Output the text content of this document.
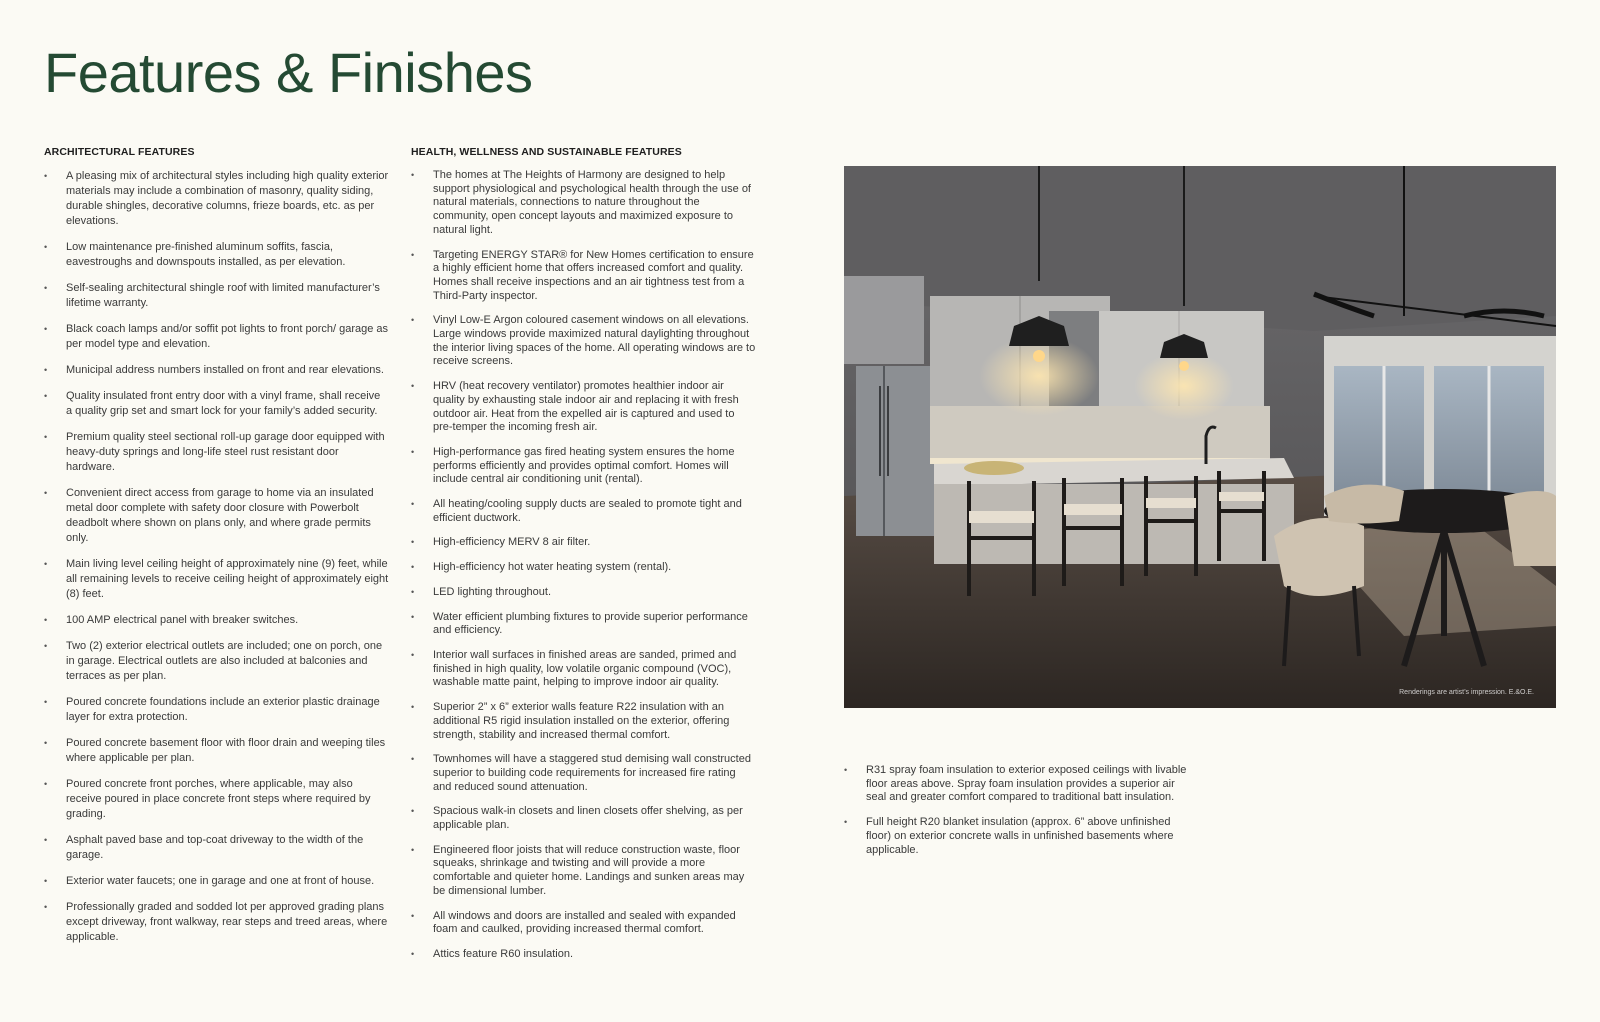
Features & Finishes
ARCHITECTURAL FEATURES
• A pleasing mix of architectural styles including high quality exterior materials may include a combination of masonry, quality siding, durable shingles, decorative columns, frieze boards, etc. as per elevations.
• Low maintenance pre-finished aluminum soffits, fascia, eavestroughs and downspouts installed, as per elevation.
• Self-sealing architectural shingle roof with limited manufacturer’s lifetime warranty.
• Black coach lamps and/or soffit pot lights to front porch/ garage as per model type and elevation.
• Municipal address numbers installed on front and rear elevations.
• Quality insulated front entry door with a vinyl frame, shall receive a quality grip set and smart lock for your family’s added security.
• Premium quality steel sectional roll-up garage door equipped with heavy-duty springs and long-life steel rust resistant door hardware.
• Convenient direct access from garage to home via an insulated metal door complete with safety door closure with Powerbolt deadbolt where shown on plans only, and where grade permits only.
• Main living level ceiling height of approximately nine (9) feet, while all remaining levels to receive ceiling height of approximately eight (8) feet.
• 100 AMP electrical panel with breaker switches.
• Two (2) exterior electrical outlets are included; one on porch, one in garage. Electrical outlets are also included at balconies and terraces as per plan.
• Poured concrete foundations include an exterior plastic drainage layer for extra protection.
• Poured concrete basement floor with floor drain and weeping tiles where applicable per plan.
• Poured concrete front porches, where applicable, may also receive poured in place concrete front steps where required by grading.
• Asphalt paved base and top-coat driveway to the width of the garage.
• Exterior water faucets; one in garage and one at front of house.
• Professionally graded and sodded lot per approved grading plans except driveway, front walkway, rear steps and treed areas, where applicable.
HEALTH, WELLNESS AND SUSTAINABLE FEATURES
• The homes at The Heights of Harmony are designed to help support physiological and psychological health through the use of natural materials, connections to nature throughout the community, open concept layouts and maximized exposure to natural light.
• Targeting ENERGY STAR® for New Homes certification to ensure a highly efficient home that offers increased comfort and quality. Homes shall receive inspections and an air tightness test from a Third-Party inspector.
• Vinyl Low-E Argon coloured casement windows on all elevations. Large windows provide maximized natural daylighting throughout the interior living spaces of the home. All operating windows are to receive screens.
• HRV (heat recovery ventilator) promotes healthier indoor air quality by exhausting stale indoor air and replacing it with fresh outdoor air. Heat from the expelled air is captured and used to pre-temper the incoming fresh air.
• High-performance gas fired heating system ensures the home performs efficiently and provides optimal comfort. Homes will include central air conditioning unit (rental).
• All heating/cooling supply ducts are sealed to promote tight and efficient ductwork.
• High-efficiency MERV 8 air filter.
• High-efficiency hot water heating system (rental).
• LED lighting throughout.
• Water efficient plumbing fixtures to provide superior performance and efficiency.
• Interior wall surfaces in finished areas are sanded, primed and finished in high quality, low volatile organic compound (VOC), washable matte paint, helping to improve indoor air quality.
• Superior 2” x 6” exterior walls feature R22 insulation with an additional R5 rigid insulation installed on the exterior, offering strength, stability and increased thermal comfort.
• Townhomes will have a staggered stud demising wall constructed superior to building code requirements for increased fire rating and reduced sound attenuation.
• Spacious walk-in closets and linen closets offer shelving, as per applicable plan.
• Engineered floor joists that will reduce construction waste, floor squeaks, shrinkage and twisting and will provide a more comfortable and quieter home. Landings and sunken areas may be dimensional lumber.
• All windows and doors are installed and sealed with expanded foam and caulked, providing increased thermal comfort.
• Attics feature R60 insulation.
Renderings are artist’s impression. E.&O.E.
• R31 spray foam insulation to exterior exposed ceilings with livable floor areas above. Spray foam insulation provides a superior air seal and greater comfort compared to traditional batt insulation.
• Full height R20 blanket insulation (approx. 6” above unfinished floor) on exterior concrete walls in unfinished basements where applicable.
